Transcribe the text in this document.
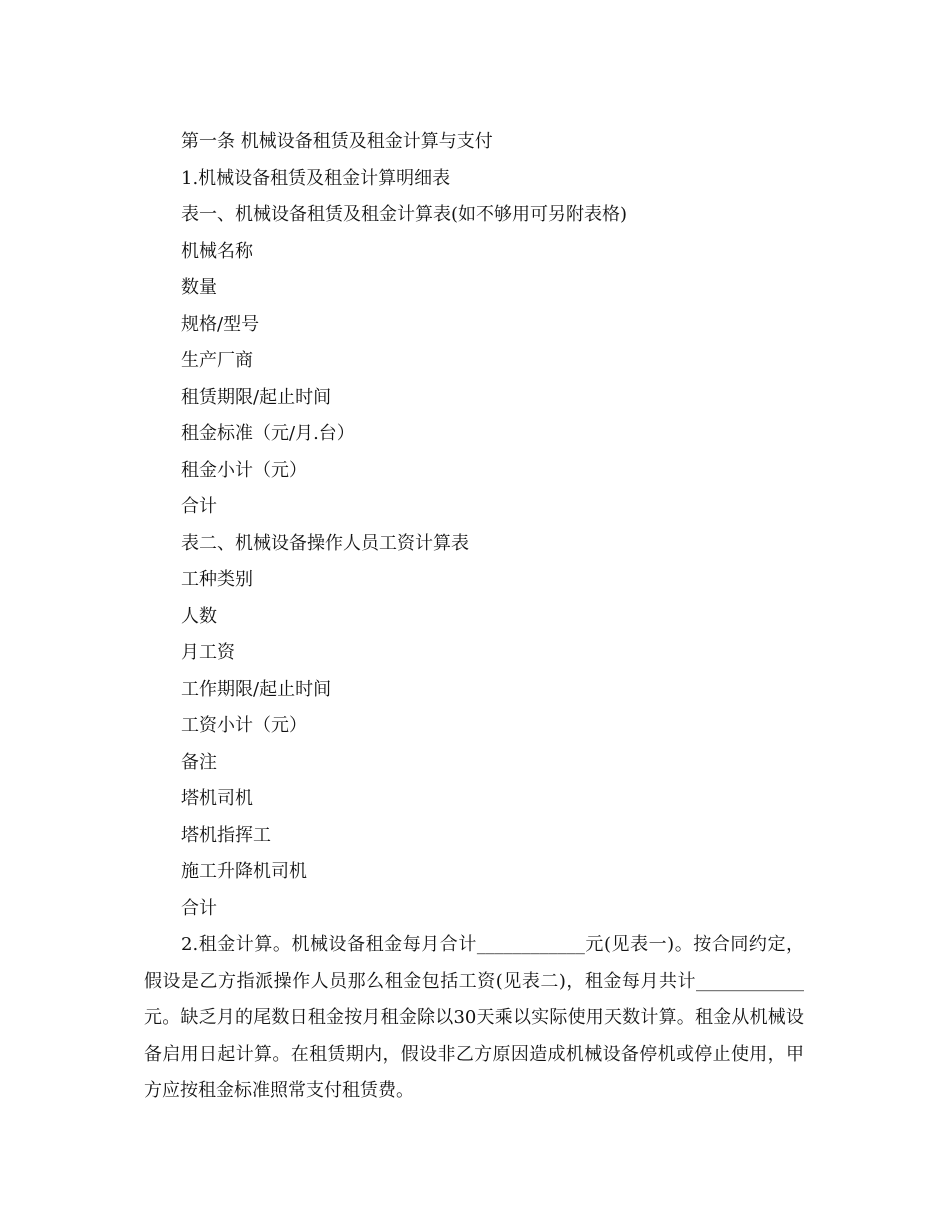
第一条 机械设备租赁及租金计算与支付
1.机械设备租赁及租金计算明细表
表一、机械设备租赁及租金计算表(如不够用可另附表格)
机械名称
数量
规格/型号
生产厂商
租赁期限/起止时间
租金标准（元/月.台）
租金小计（元）
合计
表二、机械设备操作人员工资计算表
工种类别
人数
月工资
工作期限/起止时间
工资小计（元）
备注
塔机司机
塔机指挥工
施工升降机司机
合计

2.租金计算。机械设备租金每月合计____________元(见表一)。按合同约定，假设是乙方指派操作人员那么租金包括工资(见表二)，租金每月共计____________元。缺乏月的尾数日租金按月租金除以30天乘以实际使用天数计算。租金从机械设备启用日起计算。在租赁期内，假设非乙方原因造成机械设备停机或停止使用，甲方应按租金标准照常支付租赁费。
